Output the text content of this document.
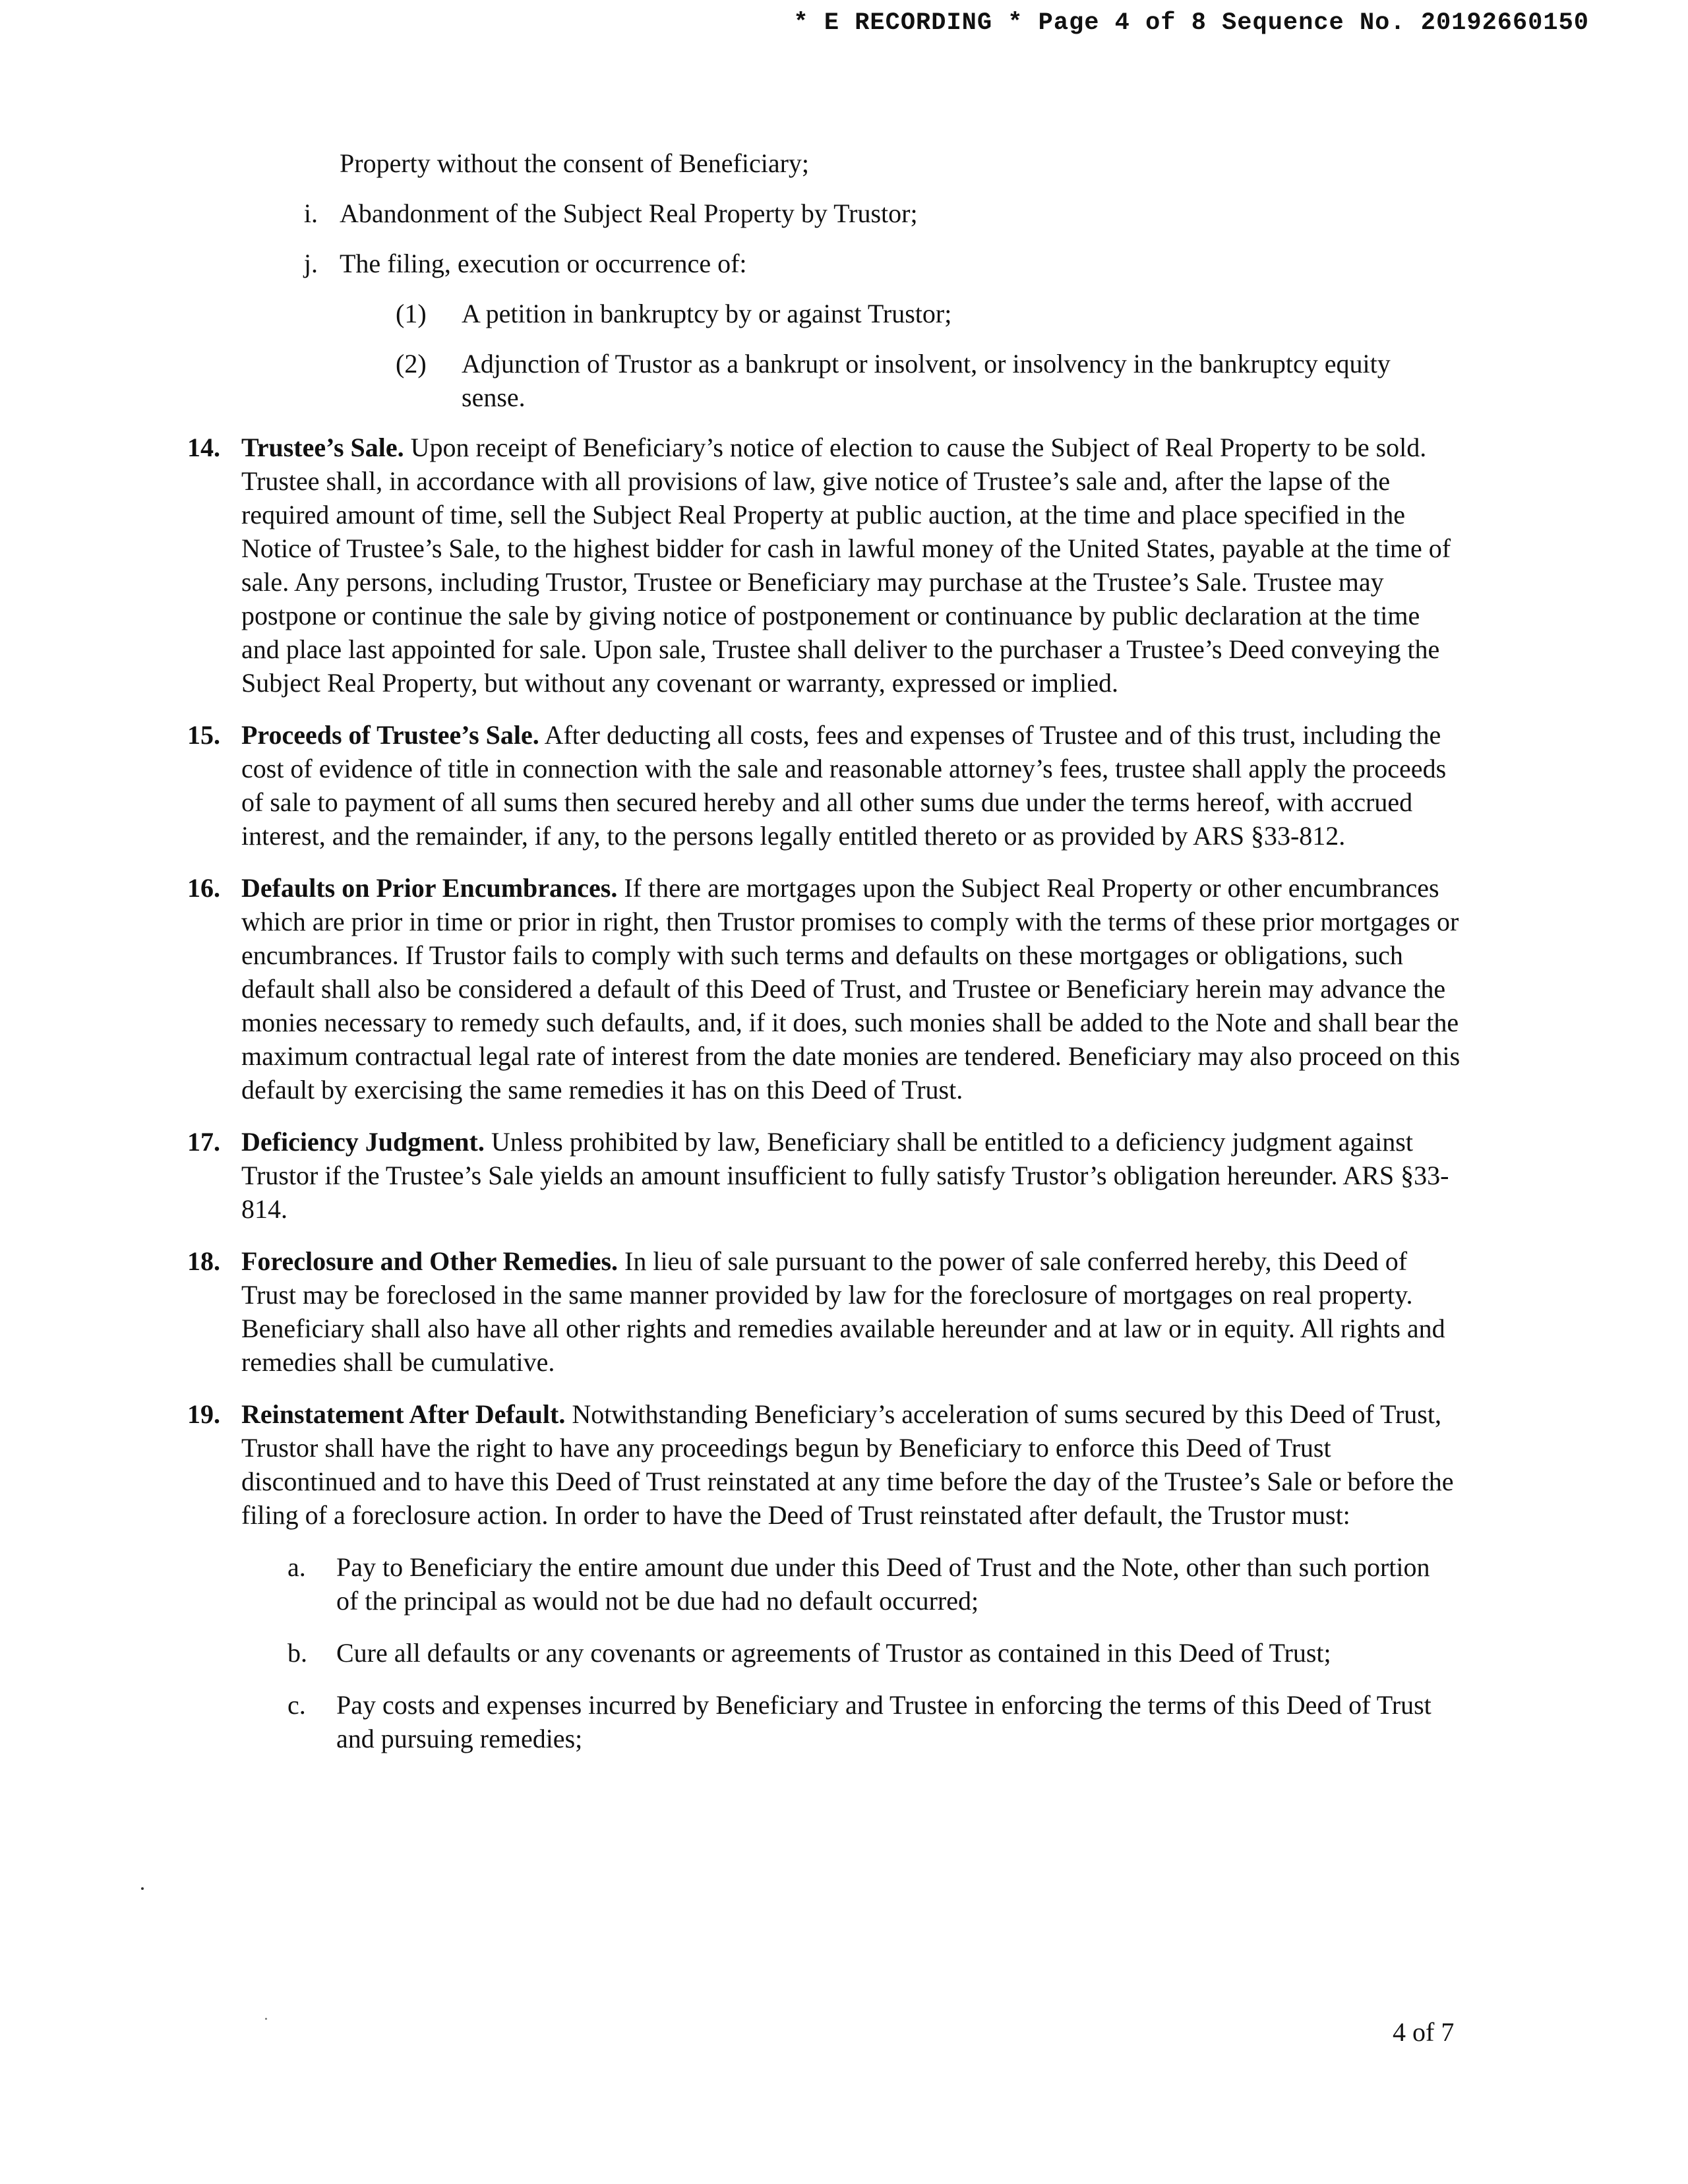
* E RECORDING * Page 4 of 8 Sequence No. 20192660150
Property without the consent of Beneficiary;
i. Abandonment of the Subject Real Property by Trustor;
j. The filing, execution or occurrence of:
(1) A petition in bankruptcy by or against Trustor;
(2) Adjunction of Trustor as a bankrupt or insolvent, or insolvency in the bankruptcy equity sense.
14. Trustee’s Sale. Upon receipt of Beneficiary’s notice of election to cause the Subject of Real Property to be sold. Trustee shall, in accordance with all provisions of law, give notice of Trustee’s sale and, after the lapse of the required amount of time, sell the Subject Real Property at public auction, at the time and place specified in the Notice of Trustee’s Sale, to the highest bidder for cash in lawful money of the United States, payable at the time of sale. Any persons, including Trustor, Trustee or Beneficiary may purchase at the Trustee’s Sale. Trustee may postpone or continue the sale by giving notice of postponement or continuance by public declaration at the time and place last appointed for sale. Upon sale, Trustee shall deliver to the purchaser a Trustee’s Deed conveying the Subject Real Property, but without any covenant or warranty, expressed or implied.
15. Proceeds of Trustee’s Sale. After deducting all costs, fees and expenses of Trustee and of this trust, including the cost of evidence of title in connection with the sale and reasonable attorney’s fees, trustee shall apply the proceeds of sale to payment of all sums then secured hereby and all other sums due under the terms hereof, with accrued interest, and the remainder, if any, to the persons legally entitled thereto or as provided by ARS §33-812.
16. Defaults on Prior Encumbrances. If there are mortgages upon the Subject Real Property or other encumbrances which are prior in time or prior in right, then Trustor promises to comply with the terms of these prior mortgages or encumbrances. If Trustor fails to comply with such terms and defaults on these mortgages or obligations, such default shall also be considered a default of this Deed of Trust, and Trustee or Beneficiary herein may advance the monies necessary to remedy such defaults, and, if it does, such monies shall be added to the Note and shall bear the maximum contractual legal rate of interest from the date monies are tendered. Beneficiary may also proceed on this default by exercising the same remedies it has on this Deed of Trust.
17. Deficiency Judgment. Unless prohibited by law, Beneficiary shall be entitled to a deficiency judgment against Trustor if the Trustee’s Sale yields an amount insufficient to fully satisfy Trustor’s obligation hereunder. ARS §33-814.
18. Foreclosure and Other Remedies. In lieu of sale pursuant to the power of sale conferred hereby, this Deed of Trust may be foreclosed in the same manner provided by law for the foreclosure of mortgages on real property. Beneficiary shall also have all other rights and remedies available hereunder and at law or in equity. All rights and remedies shall be cumulative.
19. Reinstatement After Default. Notwithstanding Beneficiary’s acceleration of sums secured by this Deed of Trust, Trustor shall have the right to have any proceedings begun by Beneficiary to enforce this Deed of Trust discontinued and to have this Deed of Trust reinstated at any time before the day of the Trustee’s Sale or before the filing of a foreclosure action. In order to have the Deed of Trust reinstated after default, the Trustor must:
a. Pay to Beneficiary the entire amount due under this Deed of Trust and the Note, other than such portion of the principal as would not be due had no default occurred;
b. Cure all defaults or any covenants or agreements of Trustor as contained in this Deed of Trust;
c. Pay costs and expenses incurred by Beneficiary and Trustee in enforcing the terms of this Deed of Trust and pursuing remedies;
4 of 7
